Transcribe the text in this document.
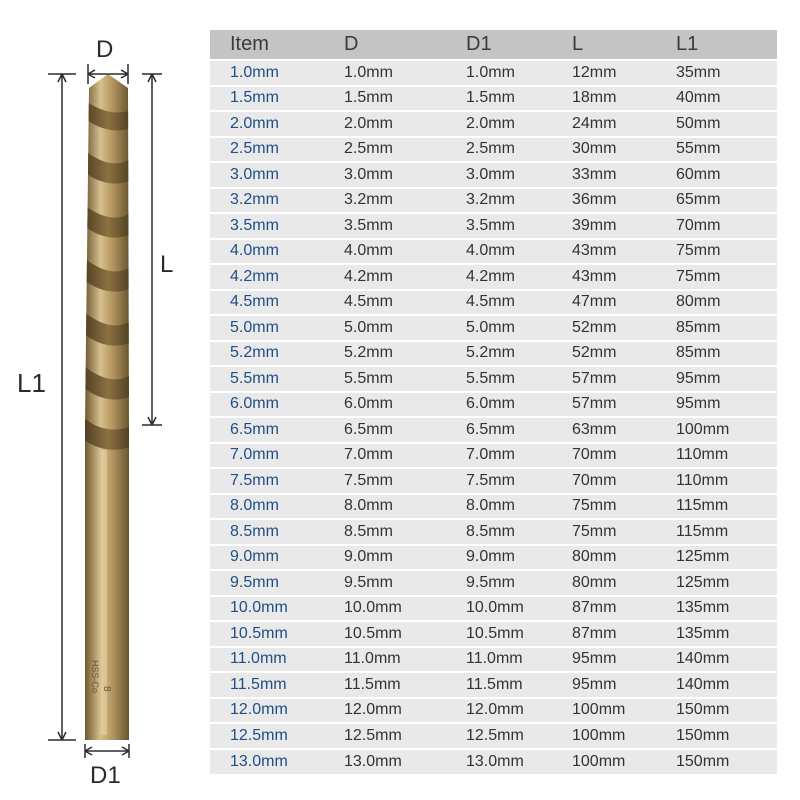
HSS-Co 8
D
L
L1
D1
Item	D	D1	L	L1
1.0mm	1.0mm	1.0mm	12mm	35mm
1.5mm	1.5mm	1.5mm	18mm	40mm
2.0mm	2.0mm	2.0mm	24mm	50mm
2.5mm	2.5mm	2.5mm	30mm	55mm
3.0mm	3.0mm	3.0mm	33mm	60mm
3.2mm	3.2mm	3.2mm	36mm	65mm
3.5mm	3.5mm	3.5mm	39mm	70mm
4.0mm	4.0mm	4.0mm	43mm	75mm
4.2mm	4.2mm	4.2mm	43mm	75mm
4.5mm	4.5mm	4.5mm	47mm	80mm
5.0mm	5.0mm	5.0mm	52mm	85mm
5.2mm	5.2mm	5.2mm	52mm	85mm
5.5mm	5.5mm	5.5mm	57mm	95mm
6.0mm	6.0mm	6.0mm	57mm	95mm
6.5mm	6.5mm	6.5mm	63mm	100mm
7.0mm	7.0mm	7.0mm	70mm	110mm
7.5mm	7.5mm	7.5mm	70mm	110mm
8.0mm	8.0mm	8.0mm	75mm	115mm
8.5mm	8.5mm	8.5mm	75mm	115mm
9.0mm	9.0mm	9.0mm	80mm	125mm
9.5mm	9.5mm	9.5mm	80mm	125mm
10.0mm	10.0mm	10.0mm	87mm	135mm
10.5mm	10.5mm	10.5mm	87mm	135mm
11.0mm	11.0mm	11.0mm	95mm	140mm
11.5mm	11.5mm	11.5mm	95mm	140mm
12.0mm	12.0mm	12.0mm	100mm	150mm
12.5mm	12.5mm	12.5mm	100mm	150mm
13.0mm	13.0mm	13.0mm	100mm	150mm
